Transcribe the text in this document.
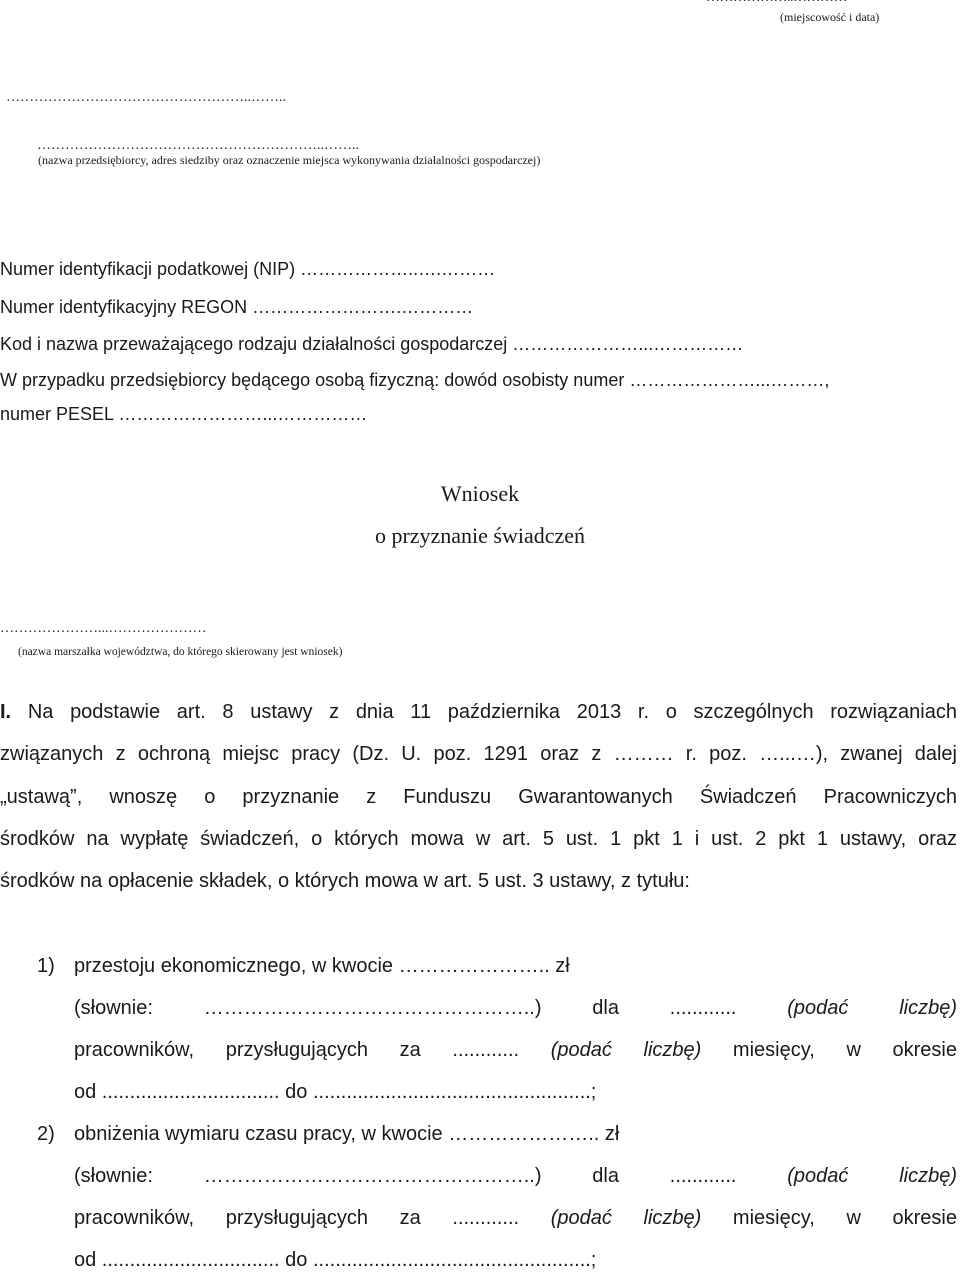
(miejscowość i data)
……………………………………………..……..
……………………………………………………..……..
(nazwa przedsiębiorcy, adres siedziby oraz oznaczenie miejsca wykonywania działalności gospodarczej)
Numer identyfikacji podatkowej (NIP) ………………..….………
Numer identyfikacyjny REGON …………………….…………
Kod i nazwa przeważającego rodzaju działalności gospodarczej …………………...……………
W przypadku przedsiębiorcy będącego osobą fizyczną: dowód osobisty numer …………………...………,
numer PESEL ……………………...……………
Wniosek
o przyznanie świadczeń
…………………...…………………
(nazwa marszałka województwa, do którego skierowany jest wniosek)
I. Na podstawie art. 8 ustawy z dnia 11 października 2013 r. o szczególnych rozwiązaniach
związanych z ochroną miejsc pracy (Dz. U. poz. 1291 oraz z ……… r. poz. …...…), zwanej dalej
„ustawą”, wnoszę o przyznanie z Funduszu Gwarantowanych Świadczeń Pracowniczych
środków na wypłatę świadczeń, o których mowa w art. 5 ust. 1 pkt 1 i ust. 2 pkt 1 ustawy, oraz
środków na opłacenie składek, o których mowa w art. 5 ust. 3 ustawy, z tytułu:
1) przestoju ekonomicznego, w kwocie ………………….. zł
(słownie: …………………………………………..) dla ............ (podać liczbę)
pracowników, przysługujących za ............ (podać liczbę) miesięcy, w okresie
od ................................ do ..................................................;
2) obniżenia wymiaru czasu pracy, w kwocie ………………….. zł
(słownie: …………………………………………..) dla ............ (podać liczbę)
pracowników, przysługujących za ............ (podać liczbę) miesięcy, w okresie
od ................................ do ..................................................;
